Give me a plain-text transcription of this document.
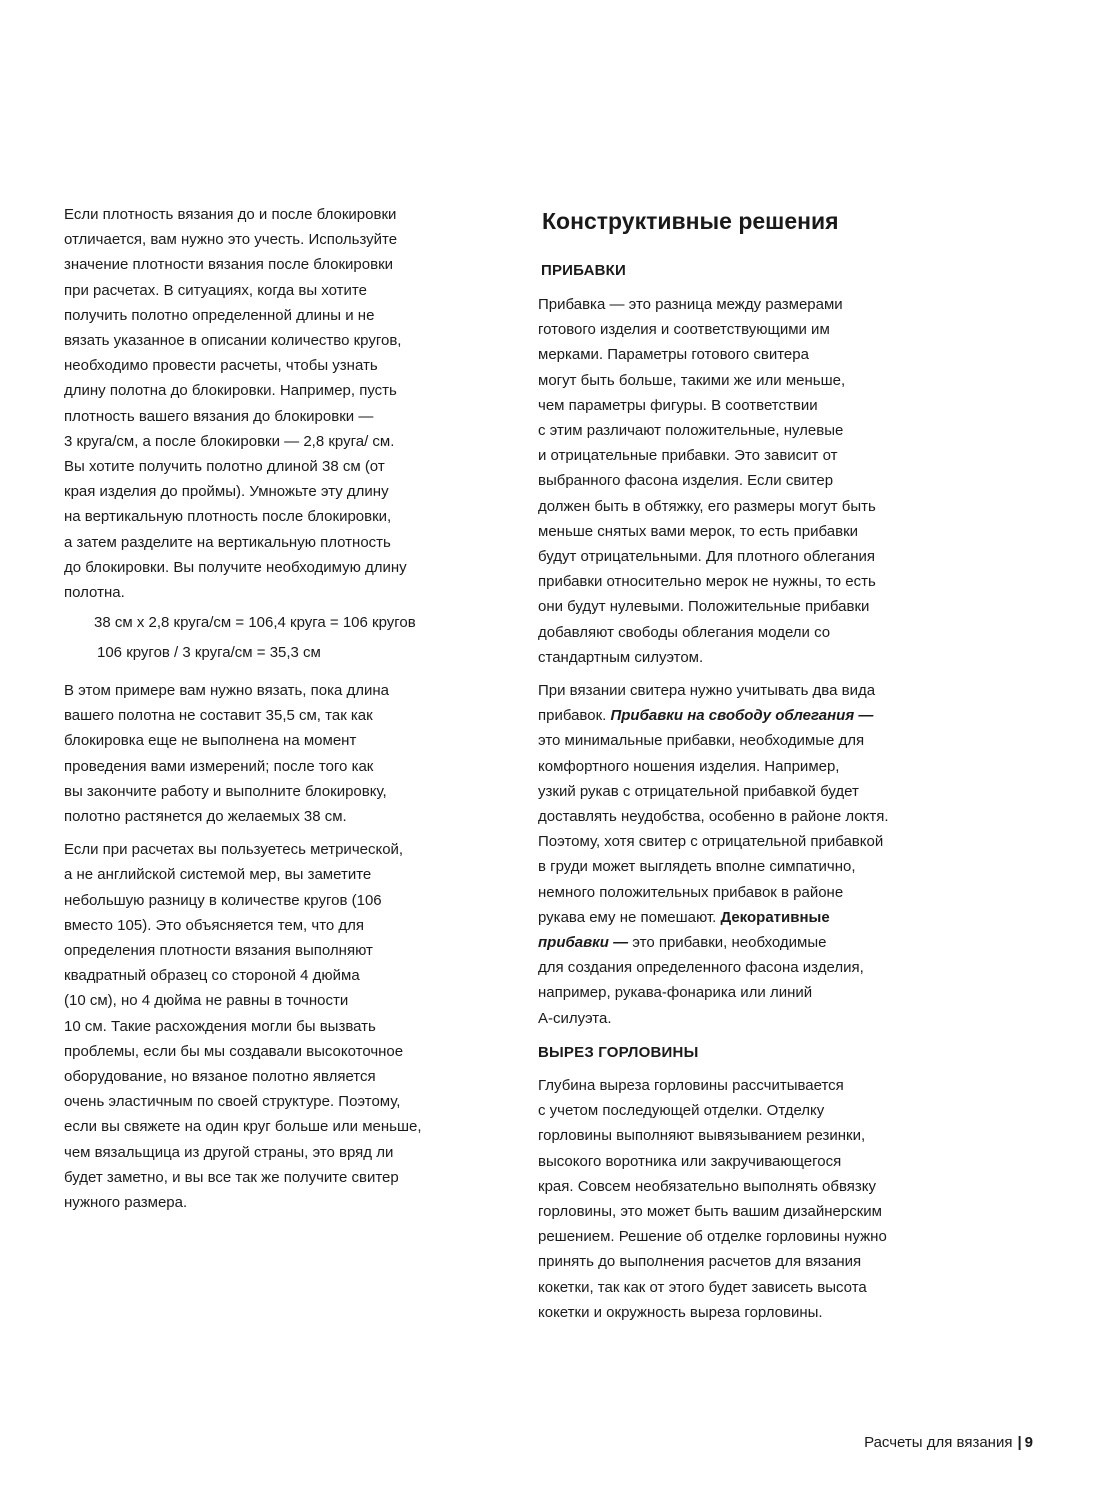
Если плотность вязания до и после блокировки
отличается, вам нужно это учесть. Используйте
значение плотности вязания после блокировки
при расчетах. В ситуациях, когда вы хотите
получить полотно определенной длины и не
вязать указанное в описании количество кругов,
необходимо провести расчеты, чтобы узнать
длину полотна до блокировки. Например, пусть
плотность вашего вязания до блокировки —
3 круга/см, а после блокировки — 2,8 круга/ см.
Вы хотите получить полотно длиной 38 см (от
края изделия до проймы). Умножьте эту длину
на вертикальную плотность после блокировки,
а затем разделите на вертикальную плотность
до блокировки. Вы получите необходимую длину
полотна.
38 см x 2,8 круга/см = 106,4 круга = 106 кругов
106 кругов / 3 круга/см = 35,3 см
В этом примере вам нужно вязать, пока длина
вашего полотна не составит 35,5 см, так как
блокировка еще не выполнена на момент
проведения вами измерений; после того как
вы закончите работу и выполните блокировку,
полотно растянется до желаемых 38 см.
Если при расчетах вы пользуетесь метрической,
а не английской системой мер, вы заметите
небольшую разницу в количестве кругов (106
вместо 105). Это объясняется тем, что для
определения плотности вязания выполняют
квадратный образец со стороной 4 дюйма
(10 см), но 4 дюйма не равны в точности
10 см. Такие расхождения могли бы вызвать
проблемы, если бы мы создавали высокоточное
оборудование, но вязаное полотно является
очень эластичным по своей структуре. Поэтому,
если вы свяжете на один круг больше или меньше,
чем вязальщица из другой страны, это вряд ли
будет заметно, и вы все так же получите свитер
нужного размера.
Конструктивные решения
ПРИБАВКИ
Прибавка — это разница между размерами
готового изделия и соответствующими им
мерками. Параметры готового свитера
могут быть больше, такими же или меньше,
чем параметры фигуры. В соответствии
с этим различают положительные, нулевые
и отрицательные прибавки. Это зависит от
выбранного фасона изделия. Если свитер
должен быть в обтяжку, его размеры могут быть
меньше снятых вами мерок, то есть прибавки
будут отрицательными. Для плотного облегания
прибавки относительно мерок не нужны, то есть
они будут нулевыми. Положительные прибавки
добавляют свободы облегания модели со
стандартным силуэтом.
При вязании свитера нужно учитывать два вида
прибавок. Прибавки на свободу облегания —
это минимальные прибавки, необходимые для
комфортного ношения изделия. Например,
узкий рукав с отрицательной прибавкой будет
доставлять неудобства, особенно в районе локтя.
Поэтому, хотя свитер с отрицательной прибавкой
в груди может выглядеть вполне симпатично,
немного положительных прибавок в районе
рукава ему не помешают. Декоративные
прибавки — это прибавки, необходимые
для создания определенного фасона изделия,
например, рукава-фонарика или линий
А-силуэта.
ВЫРЕЗ ГОРЛОВИНЫ
Глубина выреза горловины рассчитывается
с учетом последующей отделки. Отделку
горловины выполняют вывязыванием резинки,
высокого воротника или закручивающегося
края. Совсем необязательно выполнять обвязку
горловины, это может быть вашим дизайнерским
решением. Решение об отделке горловины нужно
принять до выполнения расчетов для вязания
кокетки, так как от этого будет зависеть высота
кокетки и окружность выреза горловины.
Расчеты для вязания | 9
